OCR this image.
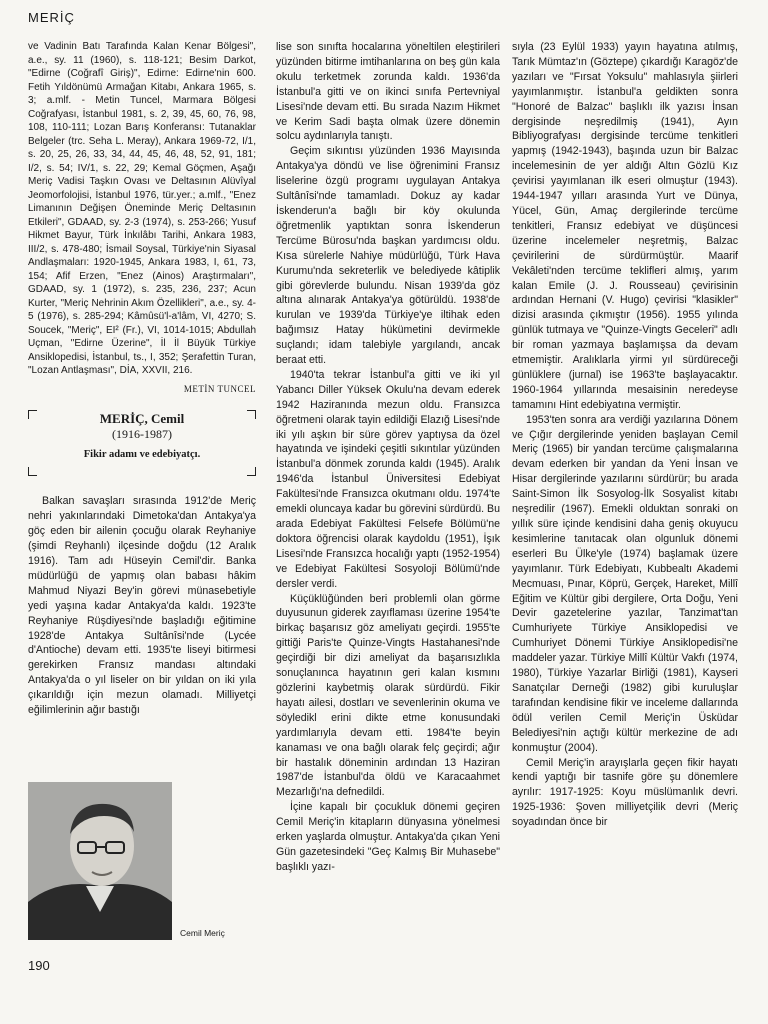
MERİÇ

ve Vadinin Batı Tarafında Kalan Kenar Bölgesi", a.e., sy. 11 (1960), s. 118-121; Besim Darkot, "Edirne (Coğrafî Giriş)", Edirne: Edirne'nin 600. Fetih Yıldönümü Armağan Kitabı, Ankara 1965, s. 3; a.mlf. - Metin Tuncel, Marmara Bölgesi Coğrafyası, İstanbul 1981, s. 2, 39, 45, 60, 76, 98, 108, 110-111; Lozan Barış Konferansı: Tutanaklar Belgeler (trc. Seha L. Meray), Ankara 1969-72, I/1, s. 20, 25, 26, 33, 34, 44, 45, 46, 48, 52, 91, 181; I/2, s. 54; IV/1, s. 22, 29; Kemal Göçmen, Aşağı Meriç Vadisi Taşkın Ovası ve Deltasının Alüvîyal Jeomorfolojisi, İstanbul 1976, tür.yer.; a.mlf., "Enez Limanının Değişen Öneminde Meriç Deltasının Etkileri", GDAAD, sy. 2-3 (1974), s. 253-266; Yusuf Hikmet Bayur, Türk İnkılâbı Tarihi, Ankara 1983, III/2, s. 478-480; İsmail Soysal, Türkiye'nin Siyasal Andlaşmaları: 1920-1945, Ankara 1983, I, 61, 73, 154; Afif Erzen, "Enez (Ainos) Araştırmaları", GDAAD, sy. 1 (1972), s. 235, 236, 237; Acun Kurter, "Meriç Nehrinin Akım Özellikleri", a.e., sy. 4-5 (1976), s. 285-294; Kâmûsü'l-a'lâm, VI, 4270; S. Soucek, "Meriç", EI² (Fr.), VI, 1014-1015; Abdullah Uçman, "Edirne Üzerine", İl İl Büyük Türkiye Ansiklopedisi, İstanbul, ts., I, 352; Şerafettin Turan, "Lozan Antlaşması", DİA, XXVII, 216.

METİN TUNCEL
MERİÇ, Cemil
(1916-1987)
Fikir adamı ve edebiyatçı.

Balkan savaşları sırasında 1912'de Meriç nehri yakınlarındaki Dimetoka'dan Antakya'ya göç eden bir ailenin çocuğu olarak Reyhaniye (şimdi Reyhanlı) ilçesinde doğdu (12 Aralık 1916). Tam adı Hüseyin Cemil'dir. Banka müdürlüğü de yapmış olan babası hâkim Mahmud Niyazi Bey'in görevi münasebetiyle yedi yaşına kadar Antakya'da kaldı. 1923'te Reyhaniye Rüşdiyesi'nde başladığı eğitimine 1928'de Antakya Sultânîsi'nde (Lycée d'Antioche) devam etti. 1935'te liseyi bitirmesi gerekirken Fransız mandası altındaki Antakya'da o yıl liseler on bir yıldan on iki yıla çıkarıldığı için mezun olamadı. Milliyetçi eğilimlerinin ağır bastığı

Cemil Meriç

lise son sınıfta hocalarına yöneltilen eleştirileri yüzünden bitirme imtihanlarına on beş gün kala okulu terketmek zorunda kaldı. 1936'da İstanbul'a gitti ve on ikinci sınıfa Pertevniyal Lisesi'nde devam etti. Bu sırada Nazım Hikmet ve Kerim Sadi başta olmak üzere dönemin solcu aydınlarıyla tanıştı.

Geçim sıkıntısı yüzünden 1936 Mayısında Antakya'ya döndü ve lise öğrenimini Fransız liselerine özgü programı uygulayan Antakya Sultânîsi'nde tamamladı. Dokuz ay kadar İskenderun'a bağlı bir köy okulunda öğretmenlik yaptıktan sonra İskenderun Tercüme Bürosu'nda başkan yardımcısı oldu. Kısa sürelerle Nahiye müdürlüğü, Türk Hava Kurumu'nda sekreterlik ve belediyede kâtiplik gibi görevlerde bulundu. Nisan 1939'da göz altına alınarak Antakya'ya götürüldü. 1938'de kurulan ve 1939'da Türkiye'ye iltihak eden bağımsız Hatay hükümetini devirmekle suçlandı; idam talebiyle yargılandı, ancak beraat etti.

1940'ta tekrar İstanbul'a gitti ve iki yıl Yabancı Diller Yüksek Okulu'na devam ederek 1942 Haziranında mezun oldu. Fransızca öğretmeni olarak tayin edildiği Elazığ Lisesi'nde iki yılı aşkın bir süre görev yaptıysa da özel hayatında ve işindeki çeşitli sıkıntılar yüzünden İstanbul'a dönmek zorunda kaldı (1945). Aralık 1946'da İstanbul Üniversitesi Edebiyat Fakültesi'nde Fransızca okutmanı oldu. 1974'te emekli oluncaya kadar bu görevini sürdürdü. Bu arada Edebiyat Fakültesi Felsefe Bölümü'ne doktora öğrencisi olarak kaydoldu (1951), İşık Lisesi'nde Fransızca hocalığı yaptı (1952-1954) ve Edebiyat Fakültesi Sosyoloji Bölümü'nde dersler verdi.

Küçüklüğünden beri problemli olan görme duyusunun giderek zayıflaması üzerine 1954'te birkaç başarısız göz ameliyatı geçirdi. 1955'te gittiği Paris'te Quinze-Vingts Hastahanesi'nde geçirdiği bir dizi ameliyat da başarısızlıkla sonuçlanınca hayatının geri kalan kısmını gözlerini kaybetmiş olarak sürdürdü. Fikir hayatı ailesi, dostları ve sevenlerinin okuma ve söyledikl erini dikte etme konusundaki yardımlarıyla devam etti. 1984'te beyin kanaması ve ona bağlı olarak felç geçirdi; ağır bir hastalık döneminin ardından 13 Haziran 1987'de İstanbul'da öldü ve Karacaahmet Mezarlığı'na defnedildi.

İçine kapalı bir çocukluk dönemi geçiren Cemil Meriç'in kitapların dünyasına yönelmesi erken yaşlarda olmuştur. Antakya'da çıkan Yeni Gün gazetesindeki "Geç Kalmış Bir Muhasebe" başlıklı yazı-

sıyla (23 Eylül 1933) yayın hayatına atılmış, Tarık Mümtaz'ın (Göztepe) çıkardığı Karagöz'de yazıları ve "Fırsat Yoksulu" mahlasıyla şiirleri yayımlanmıştır. İstanbul'a geldikten sonra "Honoré de Balzac" başlıklı ilk yazısı İnsan dergisinde neşredilmiş (1941), Ayın Bibliyografyası dergisinde tercüme tenkitleri yapmış (1942-1943), başında uzun bir Balzac incelemesinin de yer aldığı Altın Gözlü Kız çevirisi yayımlanan ilk eseri olmuştur (1943). 1944-1947 yılları arasında Yurt ve Dünya, Yücel, Gün, Amaç dergilerinde tercüme tenkitleri, Fransız edebiyat ve düşüncesi üzerine incelemeler neşretmiş, Balzac çevirilerini de sürdürmüştür. Maarif Vekâleti'nden tercüme teklifleri almış, yarım kalan Emile (J. J. Rousseau) çevirisinin ardından Hernani (V. Hugo) çevirisi "klasikler" dizisi arasında çıkmıştır (1956). 1955 yılında günlük tutmaya ve "Quinze-Vingts Geceleri" adlı bir roman yazmaya başlamışsa da devam etmemiştir. Aralıklarla yirmi yıl sürdüreceği günlüklere (jurnal) ise 1963'te başlayacaktır. 1960-1964 yıllarında mesaisinin neredeyse tamamını Hint edebiyatına vermiştir.

1953'ten sonra ara verdiği yazılarına Dönem ve Çığır dergilerinde yeniden başlayan Cemil Meriç (1965) bir yandan tercüme çalışmalarına devam ederken bir yandan da Yeni İnsan ve Hisar dergilerinde yazılarını sürdürür; bu arada Saint-Simon İlk Sosyolog-İlk Sosyalist kitabı neşredilir (1967). Emekli olduktan sonraki on yıllık süre içinde kendisini daha geniş okuyucu kesimlerine tanıtacak olan olgunluk dönemi eserleri Bu Ülke'yle (1974) başlamak üzere yayımlanır. Türk Edebiyatı, Kubbealtı Akademi Mecmuası, Pınar, Köprü, Gerçek, Hareket, Millî Eğitim ve Kültür gibi dergilere, Orta Doğu, Yeni Devir gazetelerine yazılar, Tanzimat'tan Cumhuriyete Türkiye Ansiklopedisi ve Cumhuriyet Dönemi Türkiye Ansiklopedisi'ne maddeler yazar. Türkiye Millî Kültür Vakfı (1974, 1980), Türkiye Yazarlar Birliği (1981), Kayseri Sanatçılar Derneği (1982) gibi kuruluşlar tarafından kendisine fikir ve inceleme dallarında ödül verilen Cemil Meriç'in Üsküdar Belediyesi'nin açtığı kültür merkezine de adı konmuştur (2004).

Cemil Meriç'in arayışlarla geçen fikir hayatı kendi yaptığı bir tasnife göre şu dönemlere ayrılır: 1917-1925: Koyu müslümanlık devri. 1925-1936: Şoven milliyetçilik devri (Meriç soyadından önce bir

190
